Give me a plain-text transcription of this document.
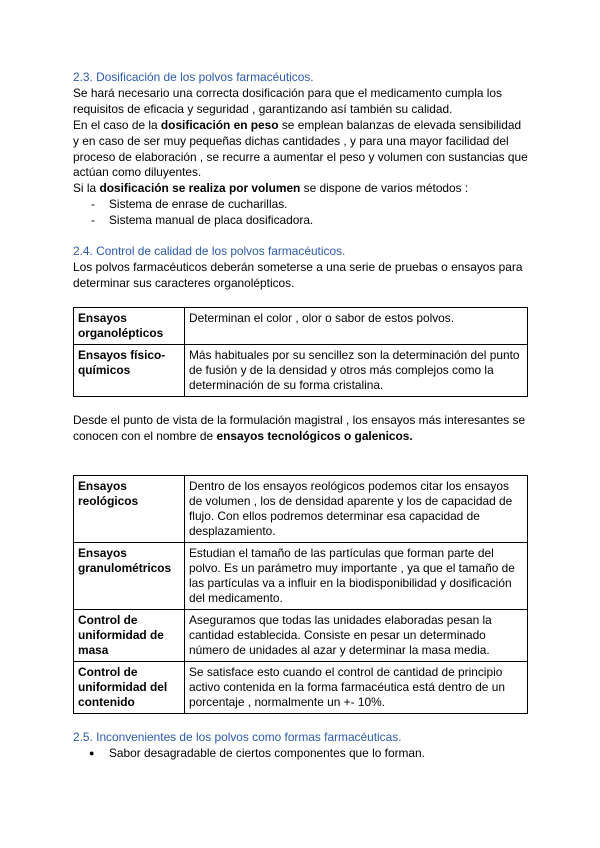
2.3. Dosificación de los polvos farmacéuticos.

Se hará necesario una correcta dosificación para que el medicamento cumpla los requisitos de eficacia y seguridad , garantizando así también su calidad.

En el caso de la dosificación en peso se emplean balanzas de elevada sensibilidad y en caso de ser muy pequeñas dichas cantidades , y para una mayor facilidad del proceso de elaboración , se recurre a aumentar el peso y volumen con sustancias que actúan como diluyentes.

Si la dosificación se realiza por volumen se dispone de varios métodos :

- Sistema de enrase de cucharillas.
- Sistema manual de placa dosificadora.

2.4. Control de calidad de los polvos farmacéuticos.

Los polvos farmacéuticos deberán someterse a una serie de pruebas o ensayos para determinar sus caracteres organolépticos.

Ensayos organolépticos	Determinan el color , olor o sabor de estos polvos.
Ensayos físico-químicos	Más habituales por su sencillez son la determinación del punto de fusión y de la densidad y otros más complejos como la determinación de su forma cristalina.

Desde el punto de vista de la formulación magistral , los ensayos más interesantes se conocen con el nombre de ensayos tecnológicos o galenicos.

Ensayos reológicos	Dentro de los ensayos reológicos podemos citar los ensayos de volumen , los de densidad aparente y los de capacidad de flujo. Con ellos podremos determinar esa capacidad de desplazamiento.
Ensayos granulométricos	Estudian el tamaño de las partículas que forman parte del polvo. Es un parámetro muy importante , ya que el tamaño de las partículas va a influir en la biodisponibilidad y dosificación del medicamento.
Control de uniformidad de masa	Aseguramos que todas las unidades elaboradas pesan la cantidad establecida. Consiste en pesar un determinado número de unidades al azar y determinar la masa media.
Control de uniformidad del contenido	Se satisface esto cuando el control de cantidad de principio activo contenida en la forma farmacéutica está dentro de un porcentaje , normalmente un +- 10%.

2.5. Inconvenientes de los polvos como formas farmacéuticas.

● Sabor desagradable de ciertos componentes que lo forman.
